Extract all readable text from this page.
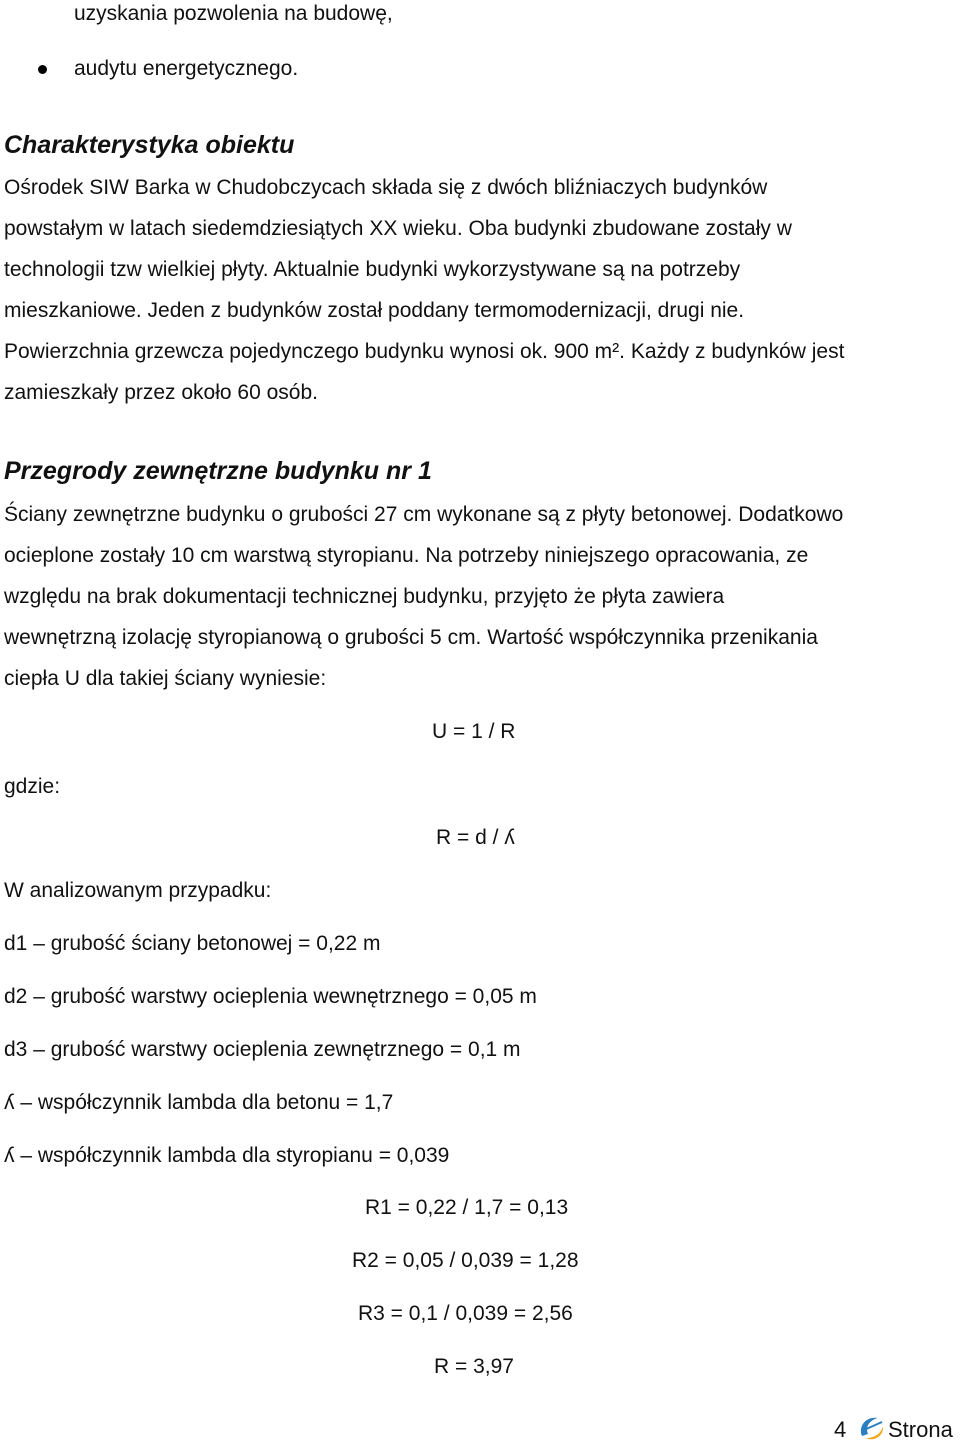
uzyskania pozwolenia na budowę,
audytu energetycznego.
Charakterystyka obiektu
Ośrodek SIW Barka w Chudobczycach składa się z dwóch bliźniaczych budynków
powstałym w latach siedemdziesiątych XX wieku. Oba budynki zbudowane zostały w
technologii tzw wielkiej płyty. Aktualnie budynki wykorzystywane są na potrzeby
mieszkaniowe. Jeden z budynków został poddany termomodernizacji, drugi nie.
Powierzchnia grzewcza pojedynczego budynku wynosi ok. 900 m². Każdy z budynków jest
zamieszkały przez około 60 osób.
Przegrody zewnętrzne budynku nr 1
Ściany zewnętrzne budynku o grubości 27 cm wykonane są z płyty betonowej. Dodatkowo
ocieplone zostały 10 cm warstwą styropianu. Na potrzeby niniejszego opracowania, ze
względu na brak dokumentacji technicznej budynku, przyjęto że płyta zawiera
wewnętrzną izolację styropianową o grubości 5 cm. Wartość współczynnika przenikania
ciepła U dla takiej ściany wyniesie:
U = 1 / R
gdzie:
R = d / ʎ
W analizowanym przypadku:
d1 – grubość ściany betonowej = 0,22 m
d2 – grubość warstwy ocieplenia wewnętrznego = 0,05 m
d3 – grubość warstwy ocieplenia zewnętrznego = 0,1 m
ʎ – współczynnik lambda dla betonu = 1,7
ʎ – współczynnik lambda dla styropianu = 0,039
R1 = 0,22 / 1,7 = 0,13
R2 = 0,05 / 0,039 = 1,28
R3 = 0,1 / 0,039 = 2,56
R = 3,97
4 Strona
